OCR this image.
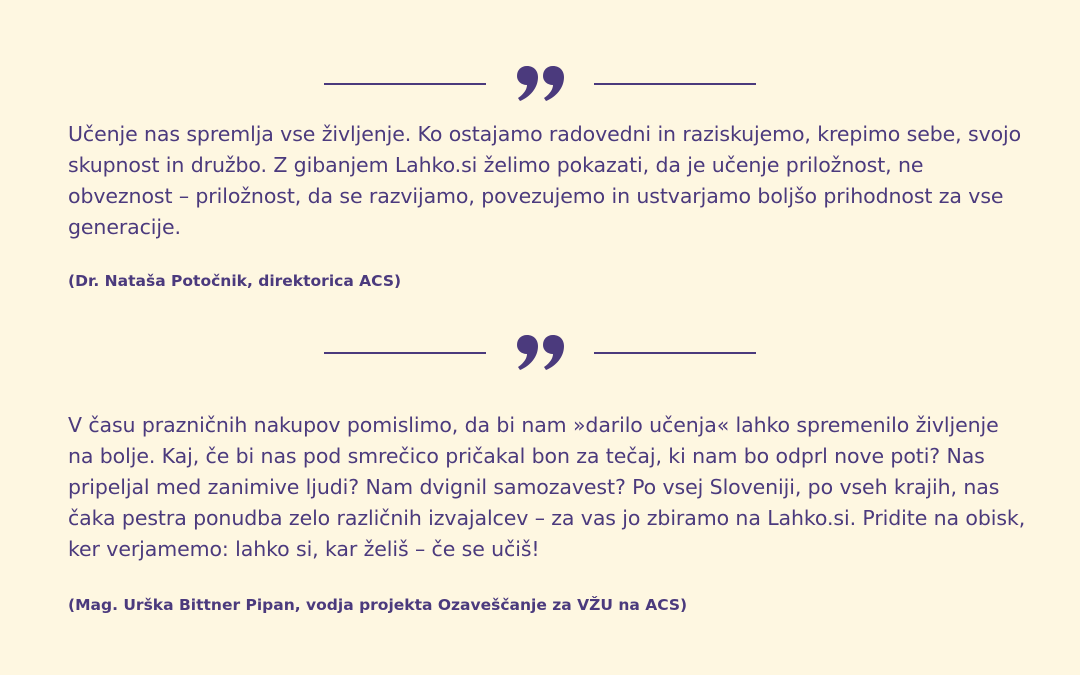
Učenje nas spremlja vse življenje. Ko ostajamo radovedni in raziskujemo, krepimo sebe, svojo skupnost in družbo. Z gibanjem Lahko.si želimo pokazati, da je učenje priložnost, ne obveznost – priložnost, da se razvijamo, povezujemo in ustvarjamo boljšo prihodnost za vse generacije.

(Dr. Nataša Potočnik, direktorica ACS)

V času prazničnih nakupov pomislimo, da bi nam »darilo učenja« lahko spremenilo življenje na bolje. Kaj, če bi nas pod smrečico pričakal bon za tečaj, ki nam bo odprl nove poti? Nas pripeljal med zanimive ljudi? Nam dvignil samozavest? Po vsej Sloveniji, po vseh krajih, nas čaka pestra ponudba zelo različnih izvajalcev – za vas jo zbiramo na Lahko.si. Pridite na obisk, ker verjamemo: lahko si, kar želiš – če se učiš!

(Mag. Urška Bittner Pipan, vodja projekta Ozaveščanje za VŽU na ACS)
